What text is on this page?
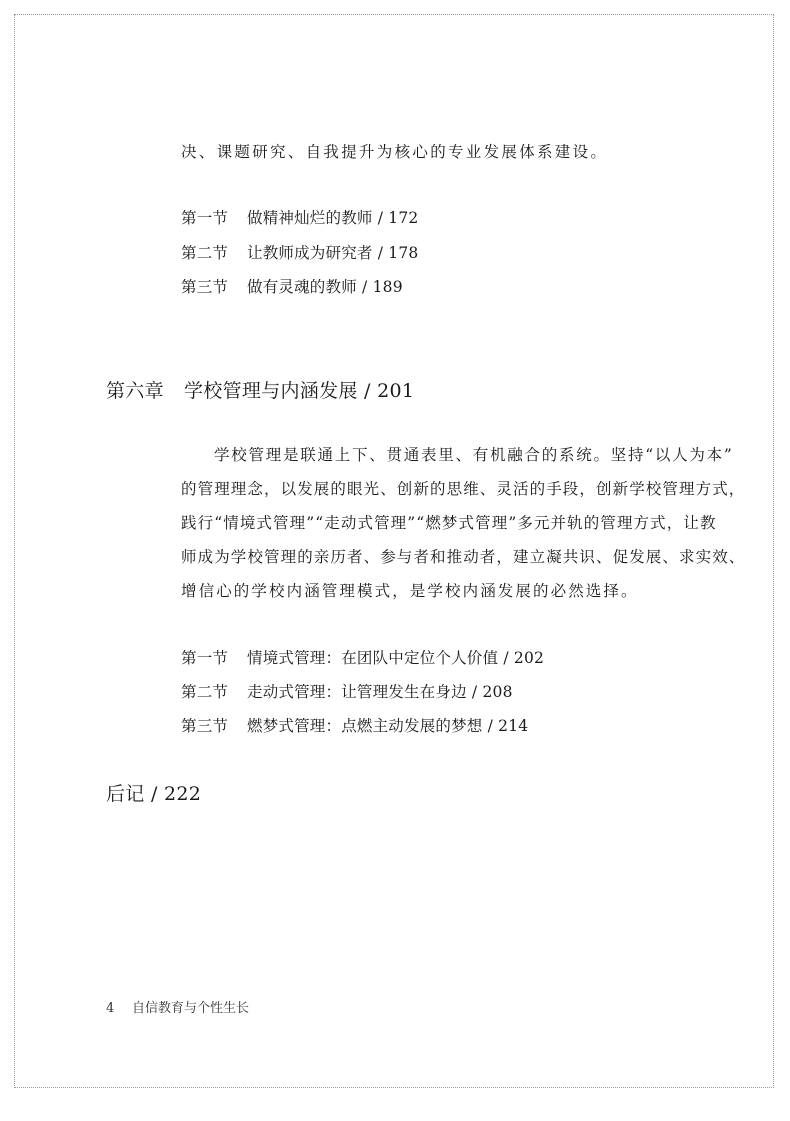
决、课题研究、自我提升为核心的专业发展体系建设。
第一节 做精神灿烂的教师 / 172
第二节 让教师成为研究者 / 178
第三节 做有灵魂的教师 / 189
第六章 学校管理与内涵发展 / 201
学校管理是联通上下、贯通表里、有机融合的系统。坚持“以人为本”
的管理理念，以发展的眼光、创新的思维、灵活的手段，创新学校管理方式，
践行“情境式管理”“走动式管理”“燃梦式管理”多元并轨的管理方式，让教
师成为学校管理的亲历者、参与者和推动者，建立凝共识、促发展、求实效、
增信心的学校内涵管理模式，是学校内涵发展的必然选择。
第一节 情境式管理：在团队中定位个人价值 / 202
第二节 走动式管理：让管理发生在身边 / 208
第三节 燃梦式管理：点燃主动发展的梦想 / 214
后记 / 222
4 自信教育与个性生长
